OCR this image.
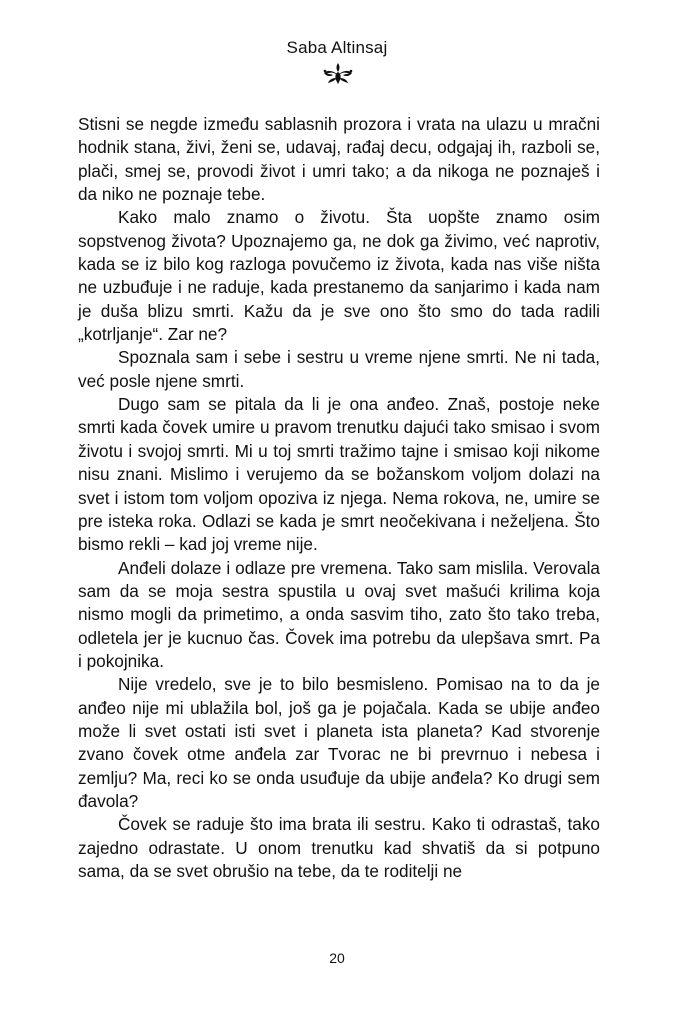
Saba Altinsaj

Stisni se negde između sablasnih prozora i vrata na ulazu u mračni hodnik stana, živi, ženi se, udavaj, rađaj decu, odgajaj ih, razboli se, plači, smej se, provodi život i umri tako; a da nikoga ne poznaješ i da niko ne poznaje tebe.

Kako malo znamo o životu. Šta uopšte znamo osim sopstvenog života? Upoznajemo ga, ne dok ga živimo, već naprotiv, kada se iz bilo kog razloga povučemo iz života, kada nas više ništa ne uzbuđuje i ne raduje, kada prestanemo da sanjarimo i kada nam je duša blizu smrti. Kažu da je sve ono što smo do tada radili „kotrljanje“. Zar ne?

Spoznala sam i sebe i sestru u vreme njene smrti. Ne ni tada, već posle njene smrti.

Dugo sam se pitala da li je ona anđeo. Znaš, postoje neke smrti kada čovek umire u pravom trenutku dajući tako smisao i svom životu i svojoj smrti. Mi u toj smrti tražimo tajne i smisao koji nikome nisu znani. Mislimo i verujemo da se božanskom voljom dolazi na svet i istom tom voljom opoziva iz njega. Nema rokova, ne, umire se pre isteka roka. Odlazi se kada je smrt neočekivana i neželjena. Što bismo rekli – kad joj vreme nije.

Anđeli dolaze i odlaze pre vremena. Tako sam mislila. Verovala sam da se moja sestra spustila u ovaj svet mašući krilima koja nismo mogli da primetimo, a onda sasvim tiho, zato što tako treba, odletela jer je kucnuo čas. Čovek ima potrebu da ulepšava smrt. Pa i pokojnika.

Nije vredelo, sve je to bilo besmisleno. Pomisao na to da je anđeo nije mi ublažila bol, još ga je pojačala. Kada se ubije anđeo može li svet ostati isti svet i planeta ista planeta? Kad stvorenje zvano čovek otme anđela zar Tvorac ne bi prevrnuo i nebesa i zemlju? Ma, reci ko se onda usuđuje da ubije anđela? Ko drugi sem đavola?

Čovek se raduje što ima brata ili sestru. Kako ti odrastaš, tako zajedno odrastate. U onom trenutku kad shvatiš da si potpuno sama, da se svet obrušio na tebe, da te roditelji ne

20
